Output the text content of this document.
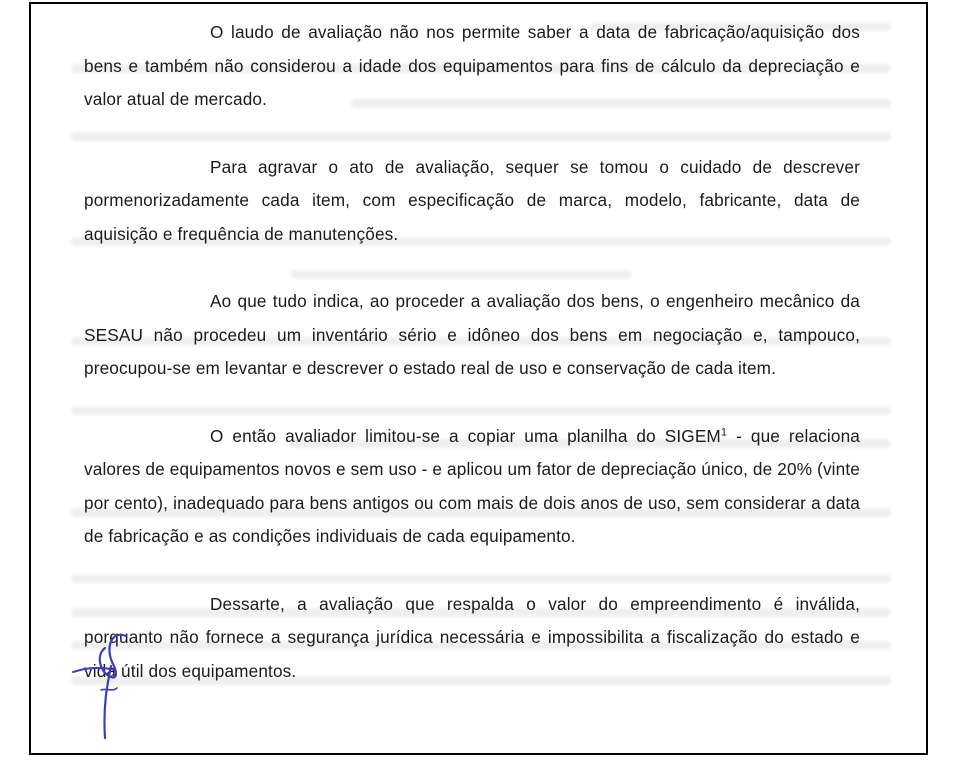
O laudo de avaliação não nos permite saber a data de fabricação/aquisição dos bens e também não considerou a idade dos equipamentos para fins de cálculo da depreciação e valor atual de mercado.

Para agravar o ato de avaliação, sequer se tomou o cuidado de descrever pormenorizadamente cada item, com especificação de marca, modelo, fabricante, data de aquisição e frequência de manutenções.

Ao que tudo indica, ao proceder a avaliação dos bens, o engenheiro mecânico da SESAU não procedeu um inventário sério e idôneo dos bens em negociação e, tampouco, preocupou-se em levantar e descrever o estado real de uso e conservação de cada item.

O então avaliador limitou-se a copiar uma planilha do SIGEM$^1$ - que relaciona valores de equipamentos novos e sem uso - e aplicou um fator de depreciação único, de 20% (vinte por cento), inadequado para bens antigos ou com mais de dois anos de uso, sem considerar a data de fabricação e as condições individuais de cada equipamento.

Dessarte, a avaliação que respalda o valor do empreendimento é inválida, porquanto não fornece a segurança jurídica necessária e impossibilita a fiscalização do estado e vida útil dos equipamentos.
